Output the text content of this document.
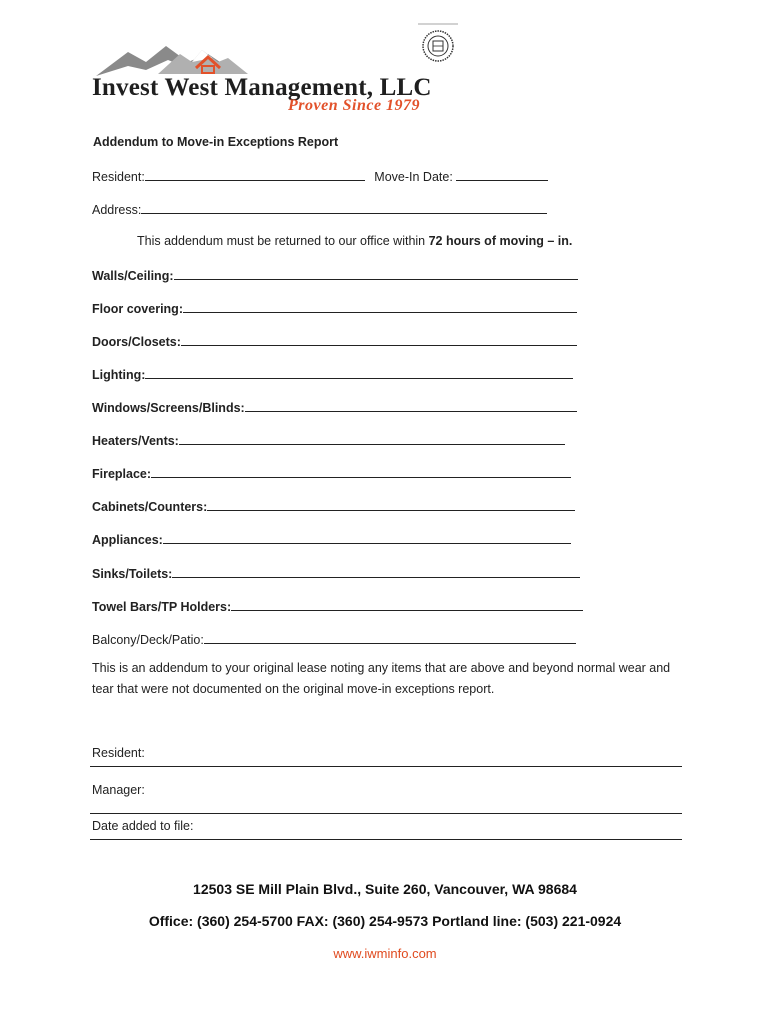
Invest West Management, LLC
Proven Since 1979
Addendum to Move-in Exceptions Report
Resident:	Move-In Date:
Address:
This addendum must be returned to our office within 72 hours of moving – in.
Walls/Ceiling:
Floor covering:
Doors/Closets:
Lighting:
Windows/Screens/Blinds:
Heaters/Vents:
Fireplace:
Cabinets/Counters:
Appliances:
Sinks/Toilets:
Towel Bars/TP Holders:
Balcony/Deck/Patio:
This is an addendum to your original lease noting any items that are above and beyond normal wear and tear that were not documented on the original move-in exceptions report.
Resident:
Manager:
Date added to file:
12503 SE Mill Plain Blvd., Suite 260, Vancouver, WA 98684
Office: (360) 254-5700 FAX: (360) 254-9573 Portland line: (503) 221-0924
www.iwminfo.com
